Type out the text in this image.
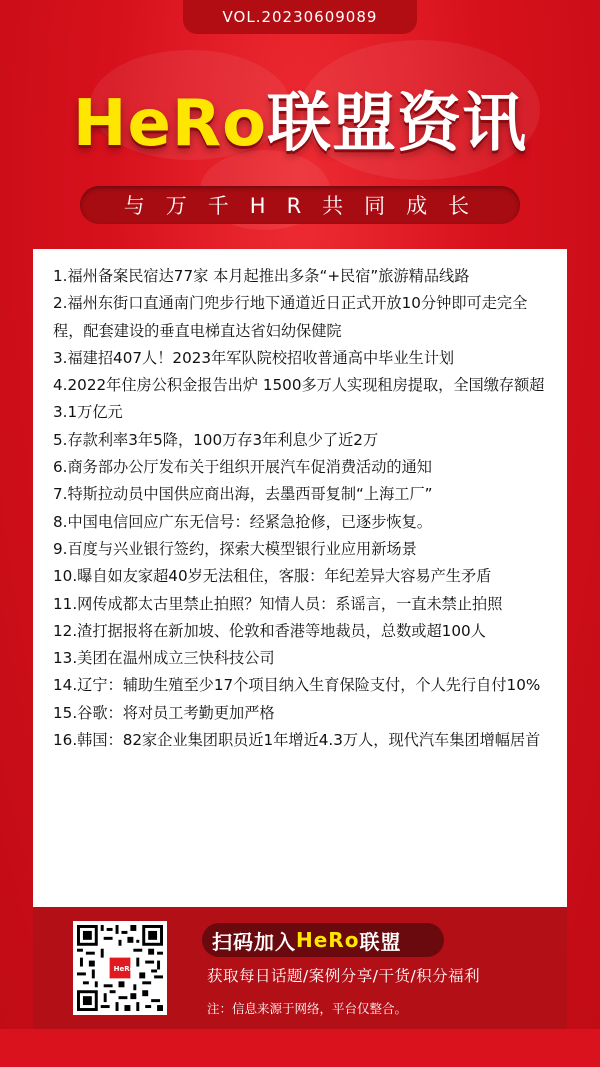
VOL.20230609089
HeRo联盟资讯
与万千HR共同成长
1.福州备案民宿达77家 本月起推出多条“+民宿”旅游精品线路
2.福州东街口直通南门兜步行地下通道近日正式开放10分钟即可走完全程，配套建设的垂直电梯直达省妇幼保健院
3.福建招407人！2023年军队院校招收普通高中毕业生计划
4.2022年住房公积金报告出炉 1500多万人实现租房提取，全国缴存额超3.1万亿元
5.存款利率3年5降，100万存3年利息少了近2万
6.商务部办公厅发布关于组织开展汽车促消费活动的通知
7.特斯拉动员中国供应商出海，去墨西哥复制“上海工厂”
8.中国电信回应广东无信号：经紧急抢修，已逐步恢复。
9.百度与兴业银行签约，探索大模型银行业应用新场景
10.曝自如友家超40岁无法租住，客服：年纪差异大容易产生矛盾
11.网传成都太古里禁止拍照？知情人员：系谣言，一直未禁止拍照
12.渣打据报将在新加坡、伦敦和香港等地裁员，总数或超100人
13.美团在温州成立三快科技公司
14.辽宁：辅助生殖至少17个项目纳入生育保险支付，个人先行自付10%
15.谷歌：将对员工考勤更加严格
16.韩国：82家企业集团职员近1年增近4.3万人，现代汽车集团增幅居首
HeRo
扫码加入 HeRo 联盟
获取每日话题/案例分享/干货/积分福利
注：信息来源于网络，平台仅整合。
